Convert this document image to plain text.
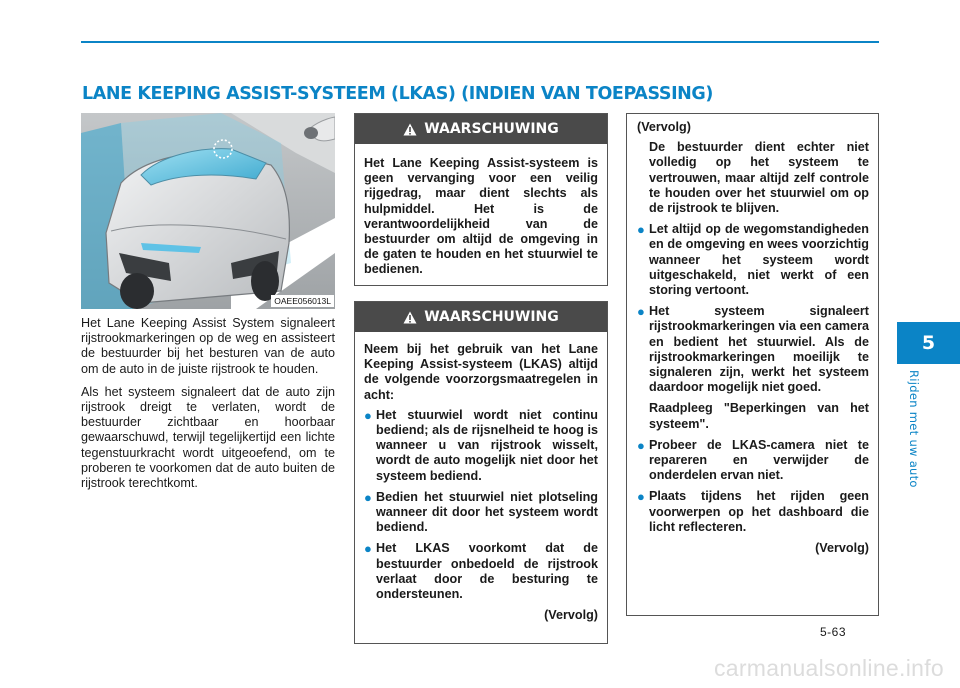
LANE KEEPING ASSIST-SYSTEEM (LKAS) (INDIEN VAN TOEPASSING)
OAEE056013L

Het Lane Keeping Assist System signaleert rijstrookmarkeringen op de weg en assisteert de bestuurder bij het besturen van de auto om de auto in de juiste rijstrook te houden.

Als het systeem signaleert dat de auto zijn rijstrook dreigt te verlaten, wordt de bestuurder zichtbaar en hoorbaar gewaarschuwd, terwijl tegelijkertijd een lichte tegenstuurkracht wordt uitgeoefend, om te proberen te voorkomen dat de auto buiten de rijstrook terechtkomt.

WAARSCHUWING

Het Lane Keeping Assist-systeem is geen vervanging voor een veilig rijgedrag, maar dient slechts als hulpmiddel. Het is de verantwoordelijkheid van de bestuurder om altijd de omgeving in de gaten te houden en het stuurwiel te bedienen.

WAARSCHUWING

Neem bij het gebruik van het Lane Keeping Assist-systeem (LKAS) altijd de volgende voorzorgsmaatregelen in acht:

● Het stuurwiel wordt niet continu bediend; als de rijsnelheid te hoog is wanneer u van rijstrook wisselt, wordt de auto mogelijk niet door het systeem bediend.
● Bedien het stuurwiel niet plotseling wanneer dit door het systeem wordt bediend.
● Het LKAS voorkomt dat de bestuurder onbedoeld de rijstrook verlaat door de besturing te ondersteunen.

(Vervolg)

(Vervolg)

De bestuurder dient echter niet volledig op het systeem te vertrouwen, maar altijd zelf controle te houden over het stuurwiel om op de rijstrook te blijven.

● Let altijd op de wegomstandigheden en de omgeving en wees voorzichtig wanneer het systeem wordt uitgeschakeld, niet werkt of een storing vertoont.
● Het systeem signaleert rijstrookmarkeringen via een camera en bedient het stuurwiel. Als de rijstrookmarkeringen moeilijk te signaleren zijn, werkt het systeem daardoor mogelijk niet goed.
Raadpleeg "Beperkingen van het systeem".
● Probeer de LKAS-camera niet te repareren en verwijder de onderdelen ervan niet.
● Plaats tijdens het rijden geen voorwerpen op het dashboard die licht reflecteren.

(Vervolg)

5
Rijden met uw auto
5-63
carmanualsonline.info
